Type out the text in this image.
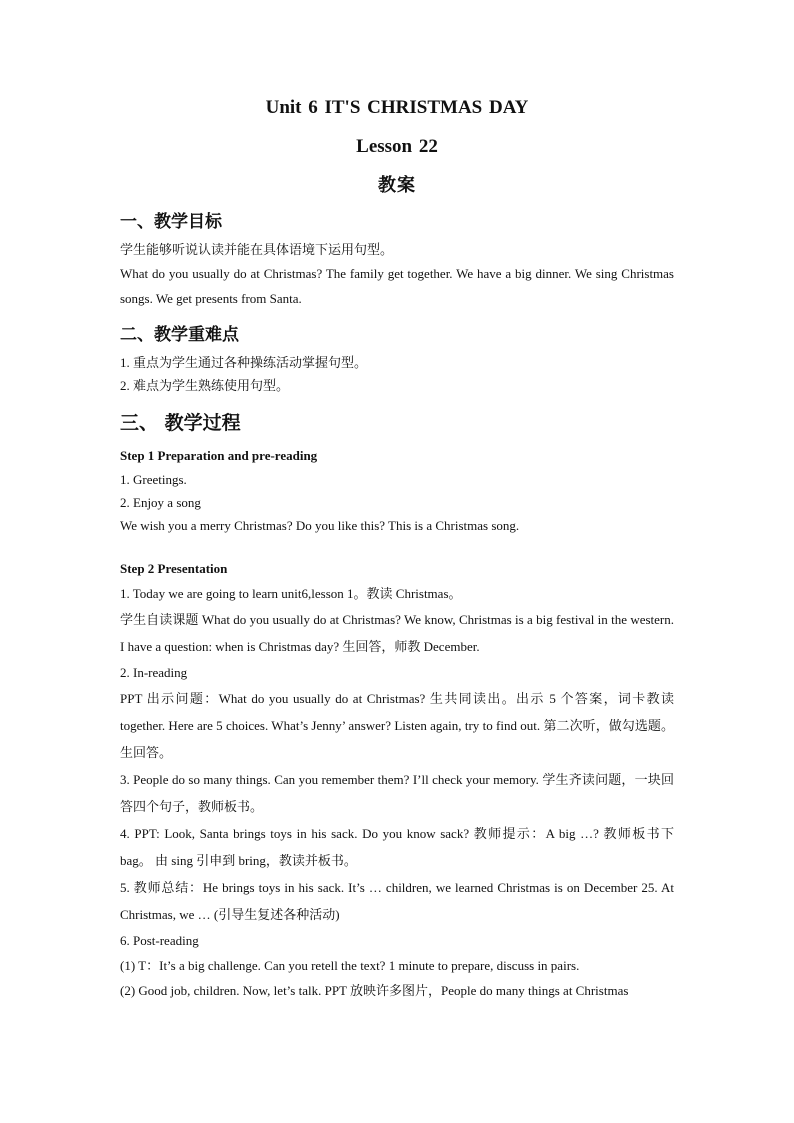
Unit 6 IT'S CHRISTMAS DAY
Lesson 22
教案
一、教学目标

学生能够听说认读并能在具体语境下运用句型。

What do you usually do at Christmas? The family get together. We have a big dinner. We sing Christmas songs. We get presents from Santa.

二、教学重难点

1. 重点为学生通过各种操练活动掌握句型。

2. 难点为学生熟练使用句型。

三、 教学过程
Step 1 Preparation and pre-reading

1. Greetings.

2. Enjoy a song

We wish you a merry Christmas? Do you like this? This is a Christmas song.

Step 2 Presentation

1. Today we are going to learn unit6,lesson 1。教读 Christmas。

学生自读课题 What do you usually do at Christmas? We know, Christmas is a big festival in the western. I have a question: when is Christmas day? 生回答，师教 December.

2. In-reading

PPT 出示问题：What do you usually do at Christmas? 生共同读出。出示 5 个答案，词卡教读 together. Here are 5 choices. What’s Jenny’ answer? Listen again, try to find out. 第二次听，做勾选题。生回答。

3. People do so many things. Can you remember them? I’ll check your memory. 学生齐读问题，一块回答四个句子，教师板书。

4. PPT: Look, Santa brings toys in his sack. Do you know sack? 教师提示：A big …? 教师板书下 bag。 由 sing 引申到 bring，教读并板书。

5. 教师总结：He brings toys in his sack. It’s … children, we learned Christmas is on December 25. At Christmas, we … (引导生复述各种活动)

6. Post-reading

(1) T：It’s a big challenge. Can you retell the text? 1 minute to prepare, discuss in pairs.

(2) Good job, children. Now, let’s talk. PPT 放映许多图片，People do many things at Christmas
